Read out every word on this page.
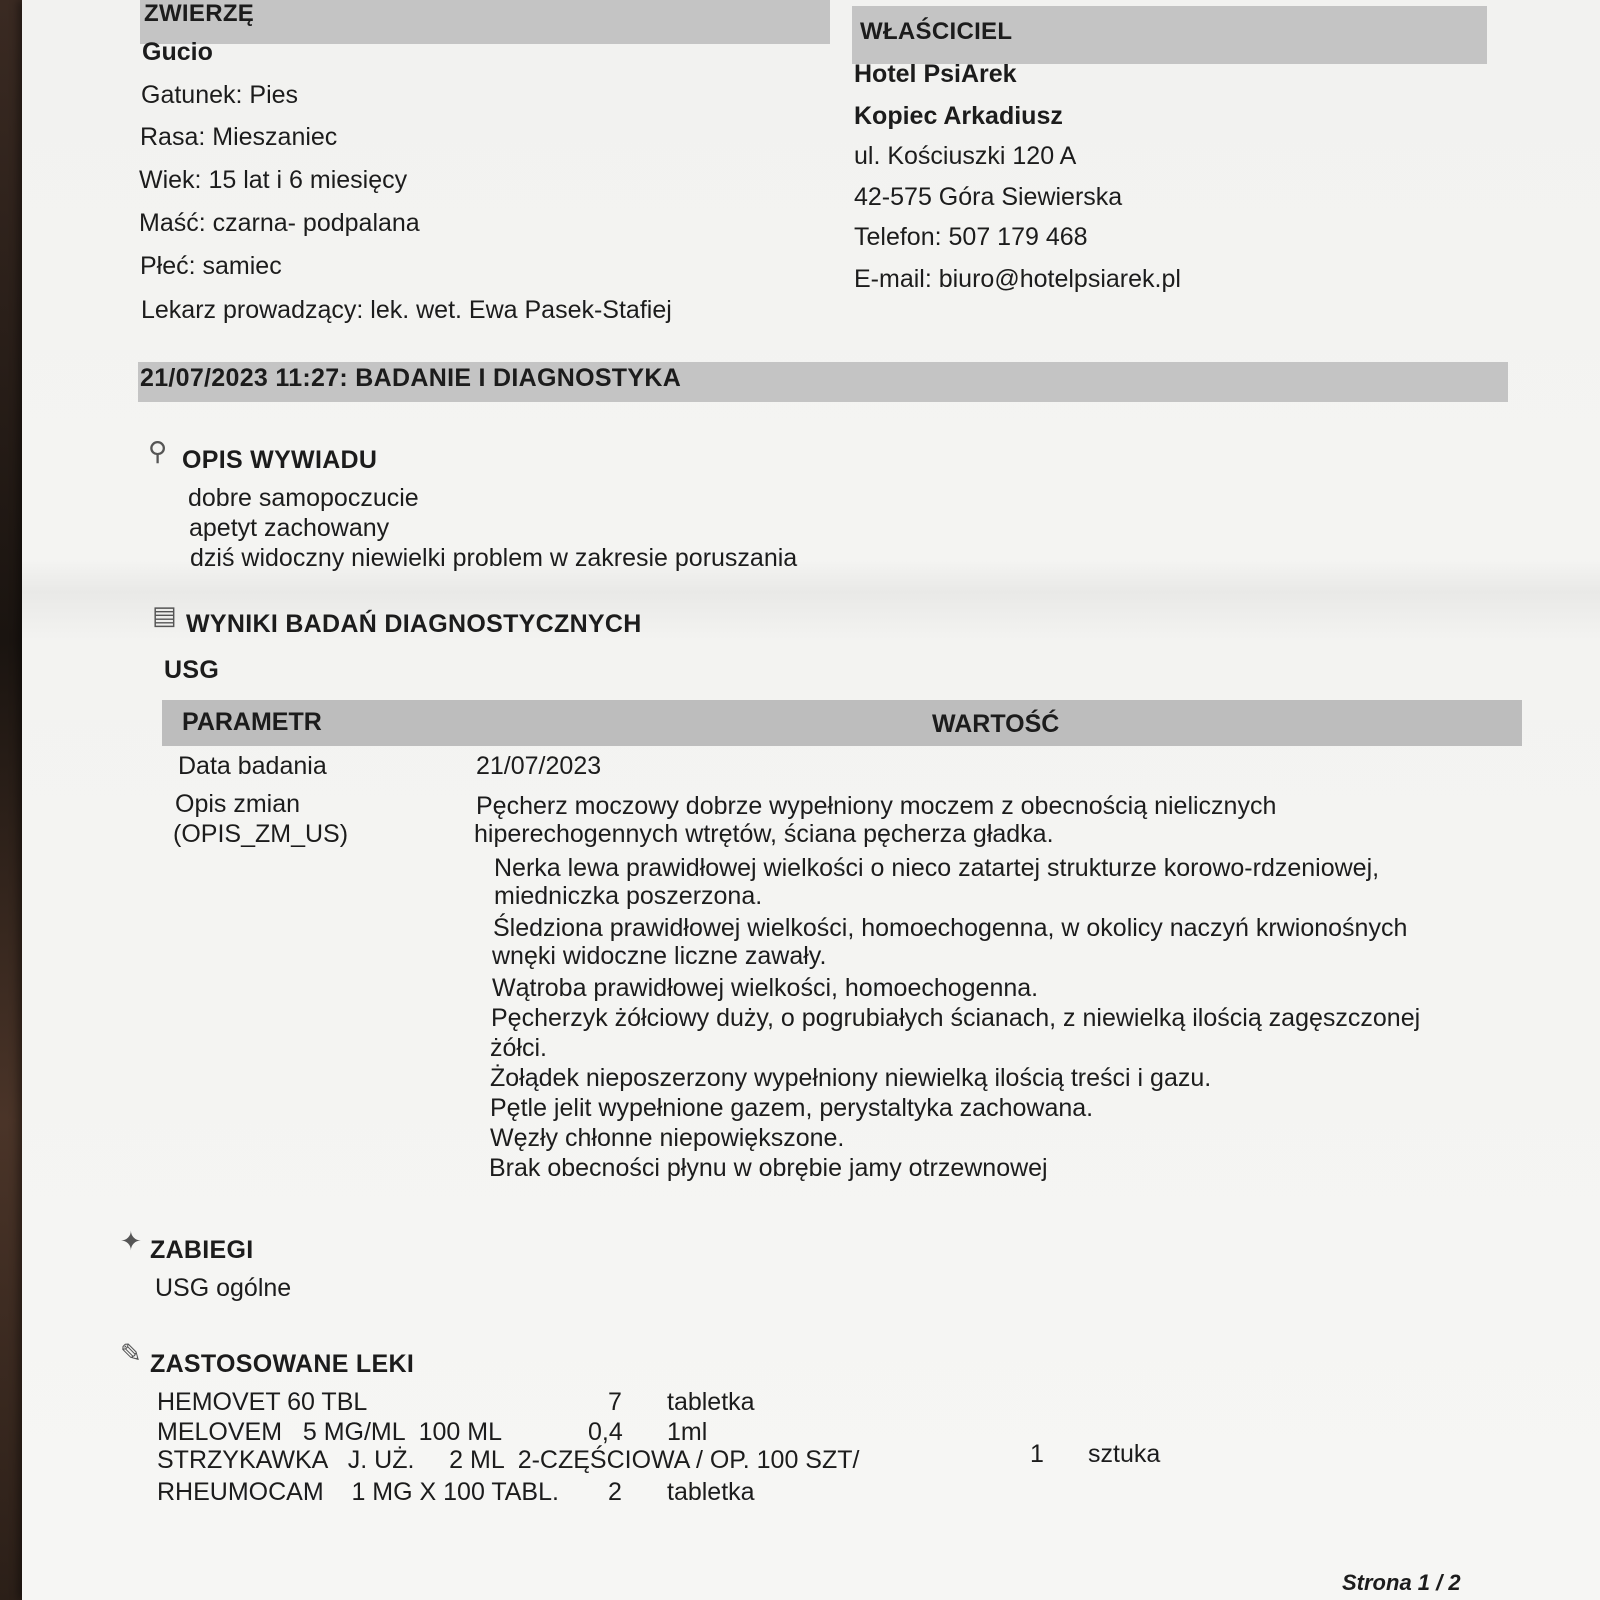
ZWIERZĘ
Gucio
Gatunek: Pies
Rasa: Mieszaniec
Wiek: 15 lat i 6 miesięcy
Maść: czarna- podpalana
Płeć: samiec
Lekarz prowadzący: lek. wet. Ewa Pasek-Stafiej
WŁAŚCICIEL
Hotel PsiArek
Kopiec Arkadiusz
ul. Kościuszki 120 A
42-575 Góra Siewierska
Telefon: 507 179 468
E-mail: biuro@hotelpsiarek.pl
21/07/2023 11:27: BADANIE I DIAGNOSTYKA
⚲ OPIS WYWIADU
dobre samopoczucie
apetyt zachowany
dziś widoczny niewielki problem w zakresie poruszania
▤ WYNIKI BADAŃ DIAGNOSTYCZNYCH
USG
PARAMETR	WARTOŚĆ
Data badania	21/07/2023
Opis zmian
(OPIS_ZM_US)
Pęcherz moczowy dobrze wypełniony moczem z obecnością nielicznych
hiperechogennych wtrętów, ściana pęcherza gładka.
Nerka lewa prawidłowej wielkości o nieco zatartej strukturze korowo-rdzeniowej,
miedniczka poszerzona.
Śledziona prawidłowej wielkości, homoechogenna, w okolicy naczyń krwionośnych
wnęki widoczne liczne zawały.
Wątroba prawidłowej wielkości, homoechogenna.
Pęcherzyk żółciowy duży, o pogrubiałych ścianach, z niewielką ilością zagęszczonej
żółci.
Żołądek nieposzerzony wypełniony niewielką ilością treści i gazu.
Pętle jelit wypełnione gazem, perystaltyka zachowana.
Węzły chłonne niepowiększone.
Brak obecności płynu w obrębie jamy otrzewnowej
✦ ZABIEGI
USG ogólne
✎ ZASTOSOWANE LEKI
HEMOVET 60 TBL	7 tabletka
MELOVEM   5 MG/ML  100 ML	0,4 1ml
STRZYKAWKA   J. UŻ.     2 ML  2-CZĘŚCIOWA / OP. 100 SZT/	1 sztuka
RHEUMOCAM    1 MG X 100 TABL. 2 tabletka
Strona 1 / 2
